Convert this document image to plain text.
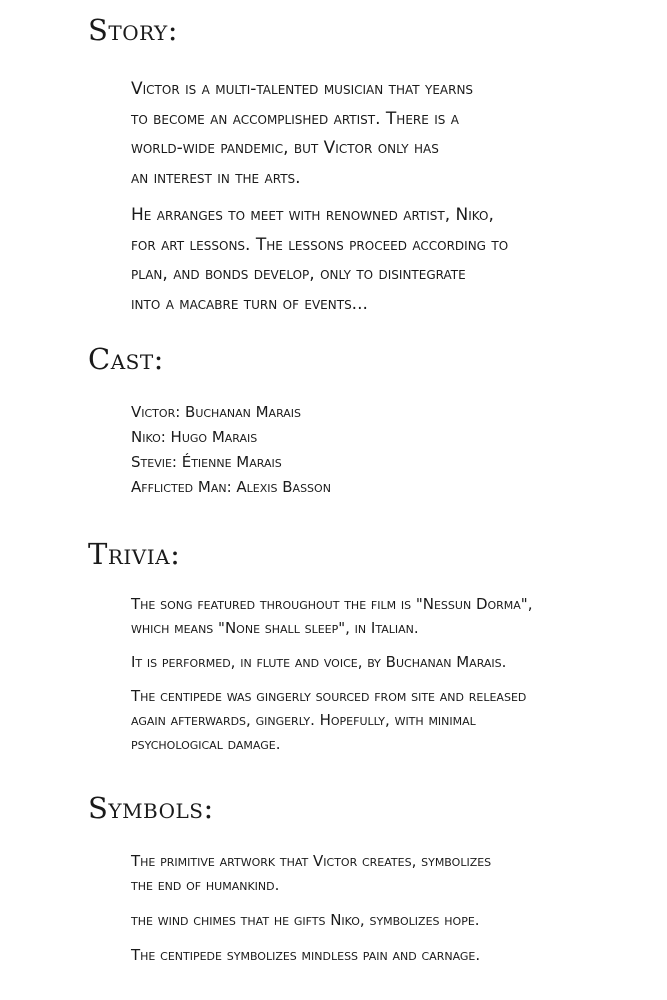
Story:

Victor is a multi-talented musician that yearns
to become an accomplished artist. There is a
world-wide pandemic, but Victor only has
an interest in the arts.

He arranges to meet with renowned artist, Niko,
for art lessons. The lessons proceed according to
plan, and bonds develop, only to disintegrate
into a macabre turn of events...

Cast:

Victor: Buchanan Marais
Niko: Hugo Marais
Stevie: Étienne Marais
Afflicted Man: Alexis Basson

Trivia:

The song featured throughout the film is "Nessun Dorma",
which means "None shall sleep", in Italian.

It is performed, in flute and voice, by Buchanan Marais.

The centipede was gingerly sourced from site and released
again afterwards, gingerly. Hopefully, with minimal
psychological damage.

Symbols:

The primitive artwork that Victor creates, symbolizes
the end of humankind.

the wind chimes that he gifts Niko, symbolizes hope.

The centipede symbolizes mindless pain and carnage.
